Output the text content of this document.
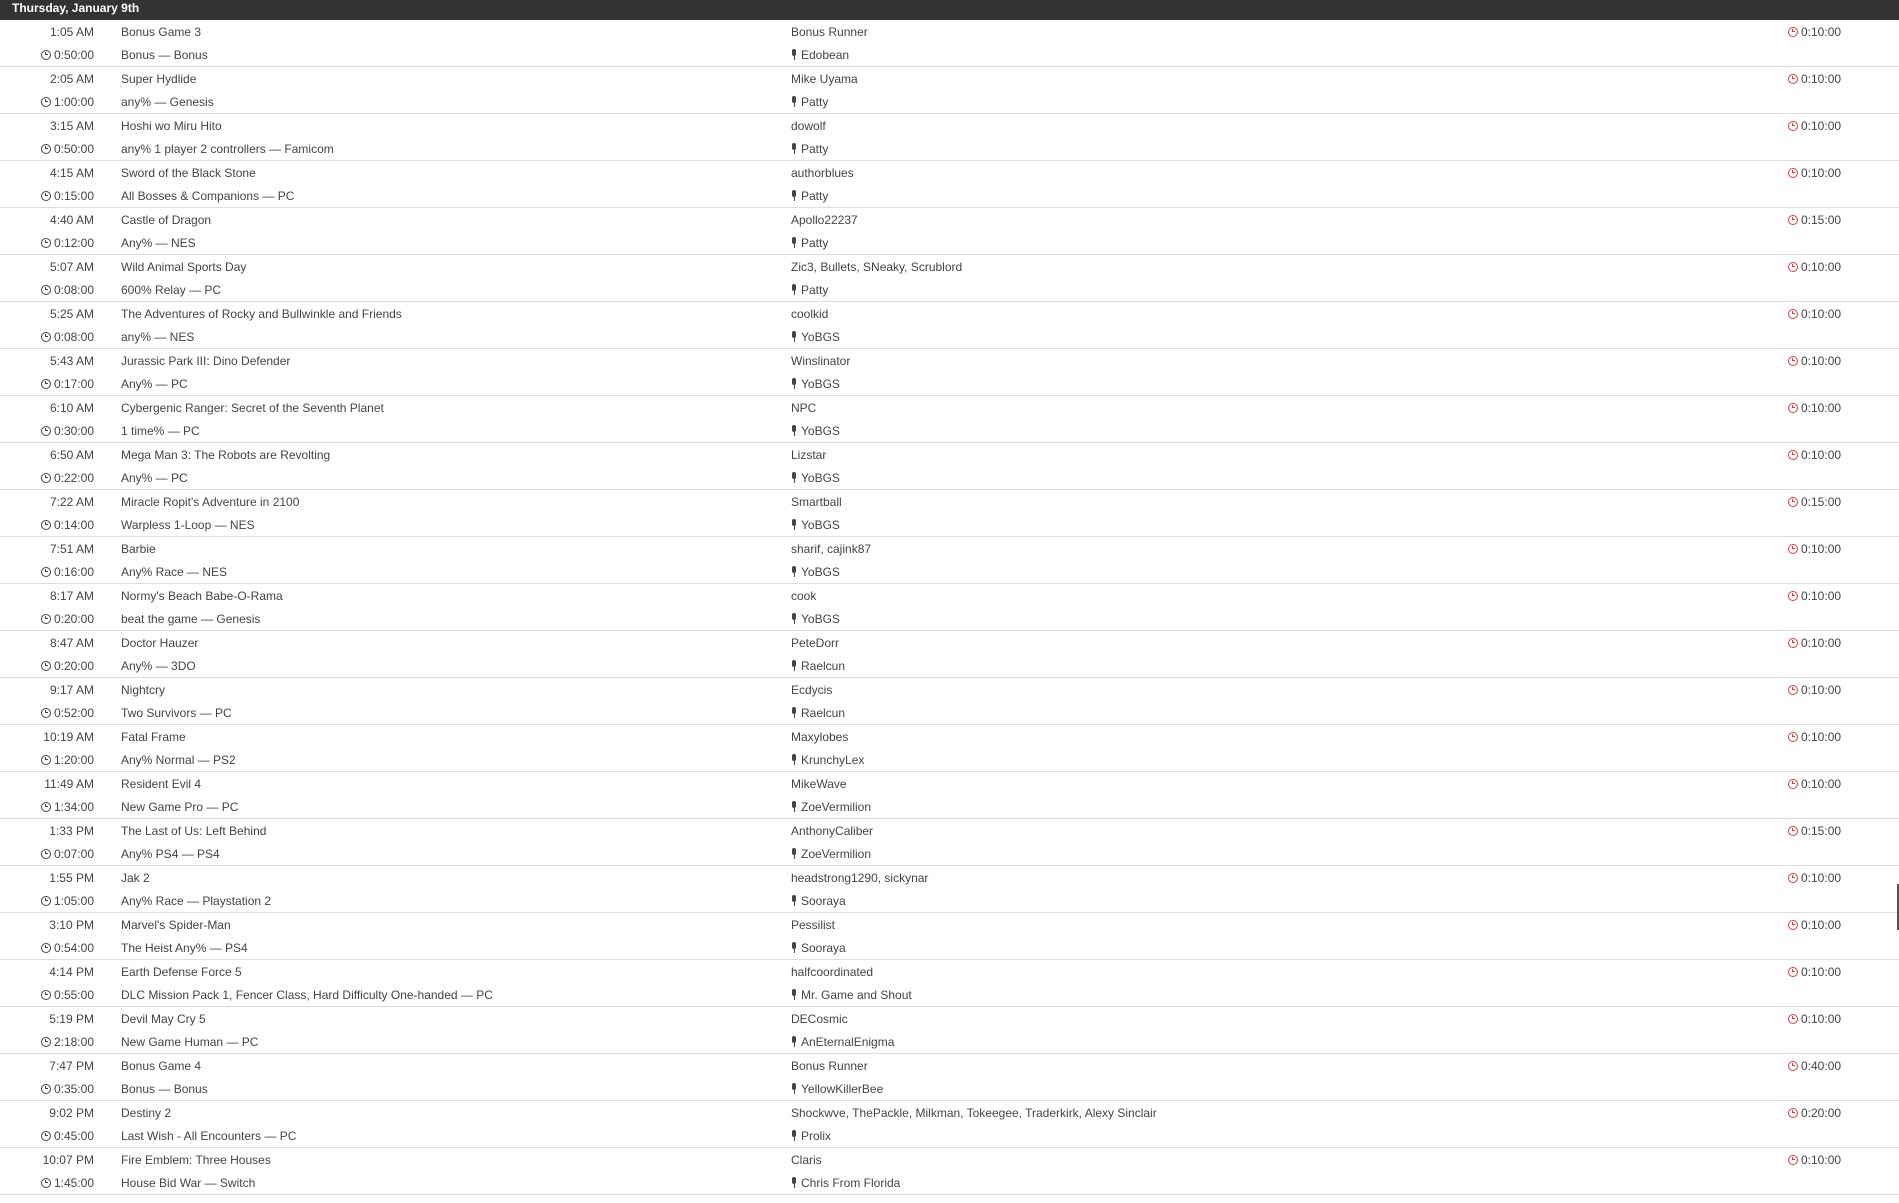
Thursday, January 9th
1:05 AM Bonus Game 3	Bonus Runner	0:10:00
0:50:00 Bonus — Bonus	Edobean
2:05 AM Super Hydlide	Mike Uyama	0:10:00
1:00:00 any% — Genesis	Patty
3:15 AM Hoshi wo Miru Hito	dowolf	0:10:00
0:50:00 any% 1 player 2 controllers — Famicom	Patty
4:15 AM Sword of the Black Stone	authorblues	0:10:00
0:15:00 All Bosses & Companions — PC	Patty
4:40 AM Castle of Dragon	Apollo22237	0:15:00
0:12:00 Any% — NES	Patty
5:07 AM Wild Animal Sports Day	Zic3, Bullets, SNeaky, Scrublord	0:10:00
0:08:00 600% Relay — PC	Patty
5:25 AM The Adventures of Rocky and Bullwinkle and Friends	coolkid	0:10:00
0:08:00 any% — NES	YoBGS
5:43 AM Jurassic Park III: Dino Defender	Winslinator	0:10:00
0:17:00 Any% — PC	YoBGS
6:10 AM Cybergenic Ranger: Secret of the Seventh Planet	NPC	0:10:00
0:30:00 1 time% — PC	YoBGS
6:50 AM Mega Man 3: The Robots are Revolting	Lizstar	0:10:00
0:22:00 Any% — PC	YoBGS
7:22 AM Miracle Ropit's Adventure in 2100	Smartball	0:15:00
0:14:00 Warpless 1-Loop — NES	YoBGS
7:51 AM Barbie	sharif, cajink87	0:10:00
0:16:00 Any% Race — NES	YoBGS
8:17 AM Normy's Beach Babe-O-Rama	cook	0:10:00
0:20:00 beat the game — Genesis	YoBGS
8:47 AM Doctor Hauzer	PeteDorr	0:10:00
0:20:00 Any% — 3DO	Raelcun
9:17 AM Nightcry	Ecdycis	0:10:00
0:52:00 Two Survivors — PC	Raelcun
10:19 AM Fatal Frame	Maxylobes	0:10:00
1:20:00 Any% Normal — PS2	KrunchyLex
11:49 AM Resident Evil 4	MikeWave	0:10:00
1:34:00 New Game Pro — PC	ZoeVermilion
1:33 PM The Last of Us: Left Behind	AnthonyCaliber	0:15:00
0:07:00 Any% PS4 — PS4	ZoeVermilion
1:55 PM Jak 2	headstrong1290, sickynar	0:10:00
1:05:00 Any% Race — Playstation 2	Sooraya
3:10 PM Marvel's Spider-Man	Pessilist	0:10:00
0:54:00 The Heist Any% — PS4	Sooraya
4:14 PM Earth Defense Force 5	halfcoordinated	0:10:00
0:55:00 DLC Mission Pack 1, Fencer Class, Hard Difficulty One-handed — PC	Mr. Game and Shout
5:19 PM Devil May Cry 5	DECosmic	0:10:00
2:18:00 New Game Human — PC	AnEternalEnigma
7:47 PM Bonus Game 4	Bonus Runner	0:40:00
0:35:00 Bonus — Bonus	YellowKillerBee
9:02 PM Destiny 2	Shockwve, ThePackle, Milkman, Tokeegee, Traderkirk, Alexy Sinclair	0:20:00
0:45:00 Last Wish - All Encounters — PC	Prolix
10:07 PM Fire Emblem: Three Houses	Claris	0:10:00
1:45:00 House Bid War — Switch	Chris From Florida
